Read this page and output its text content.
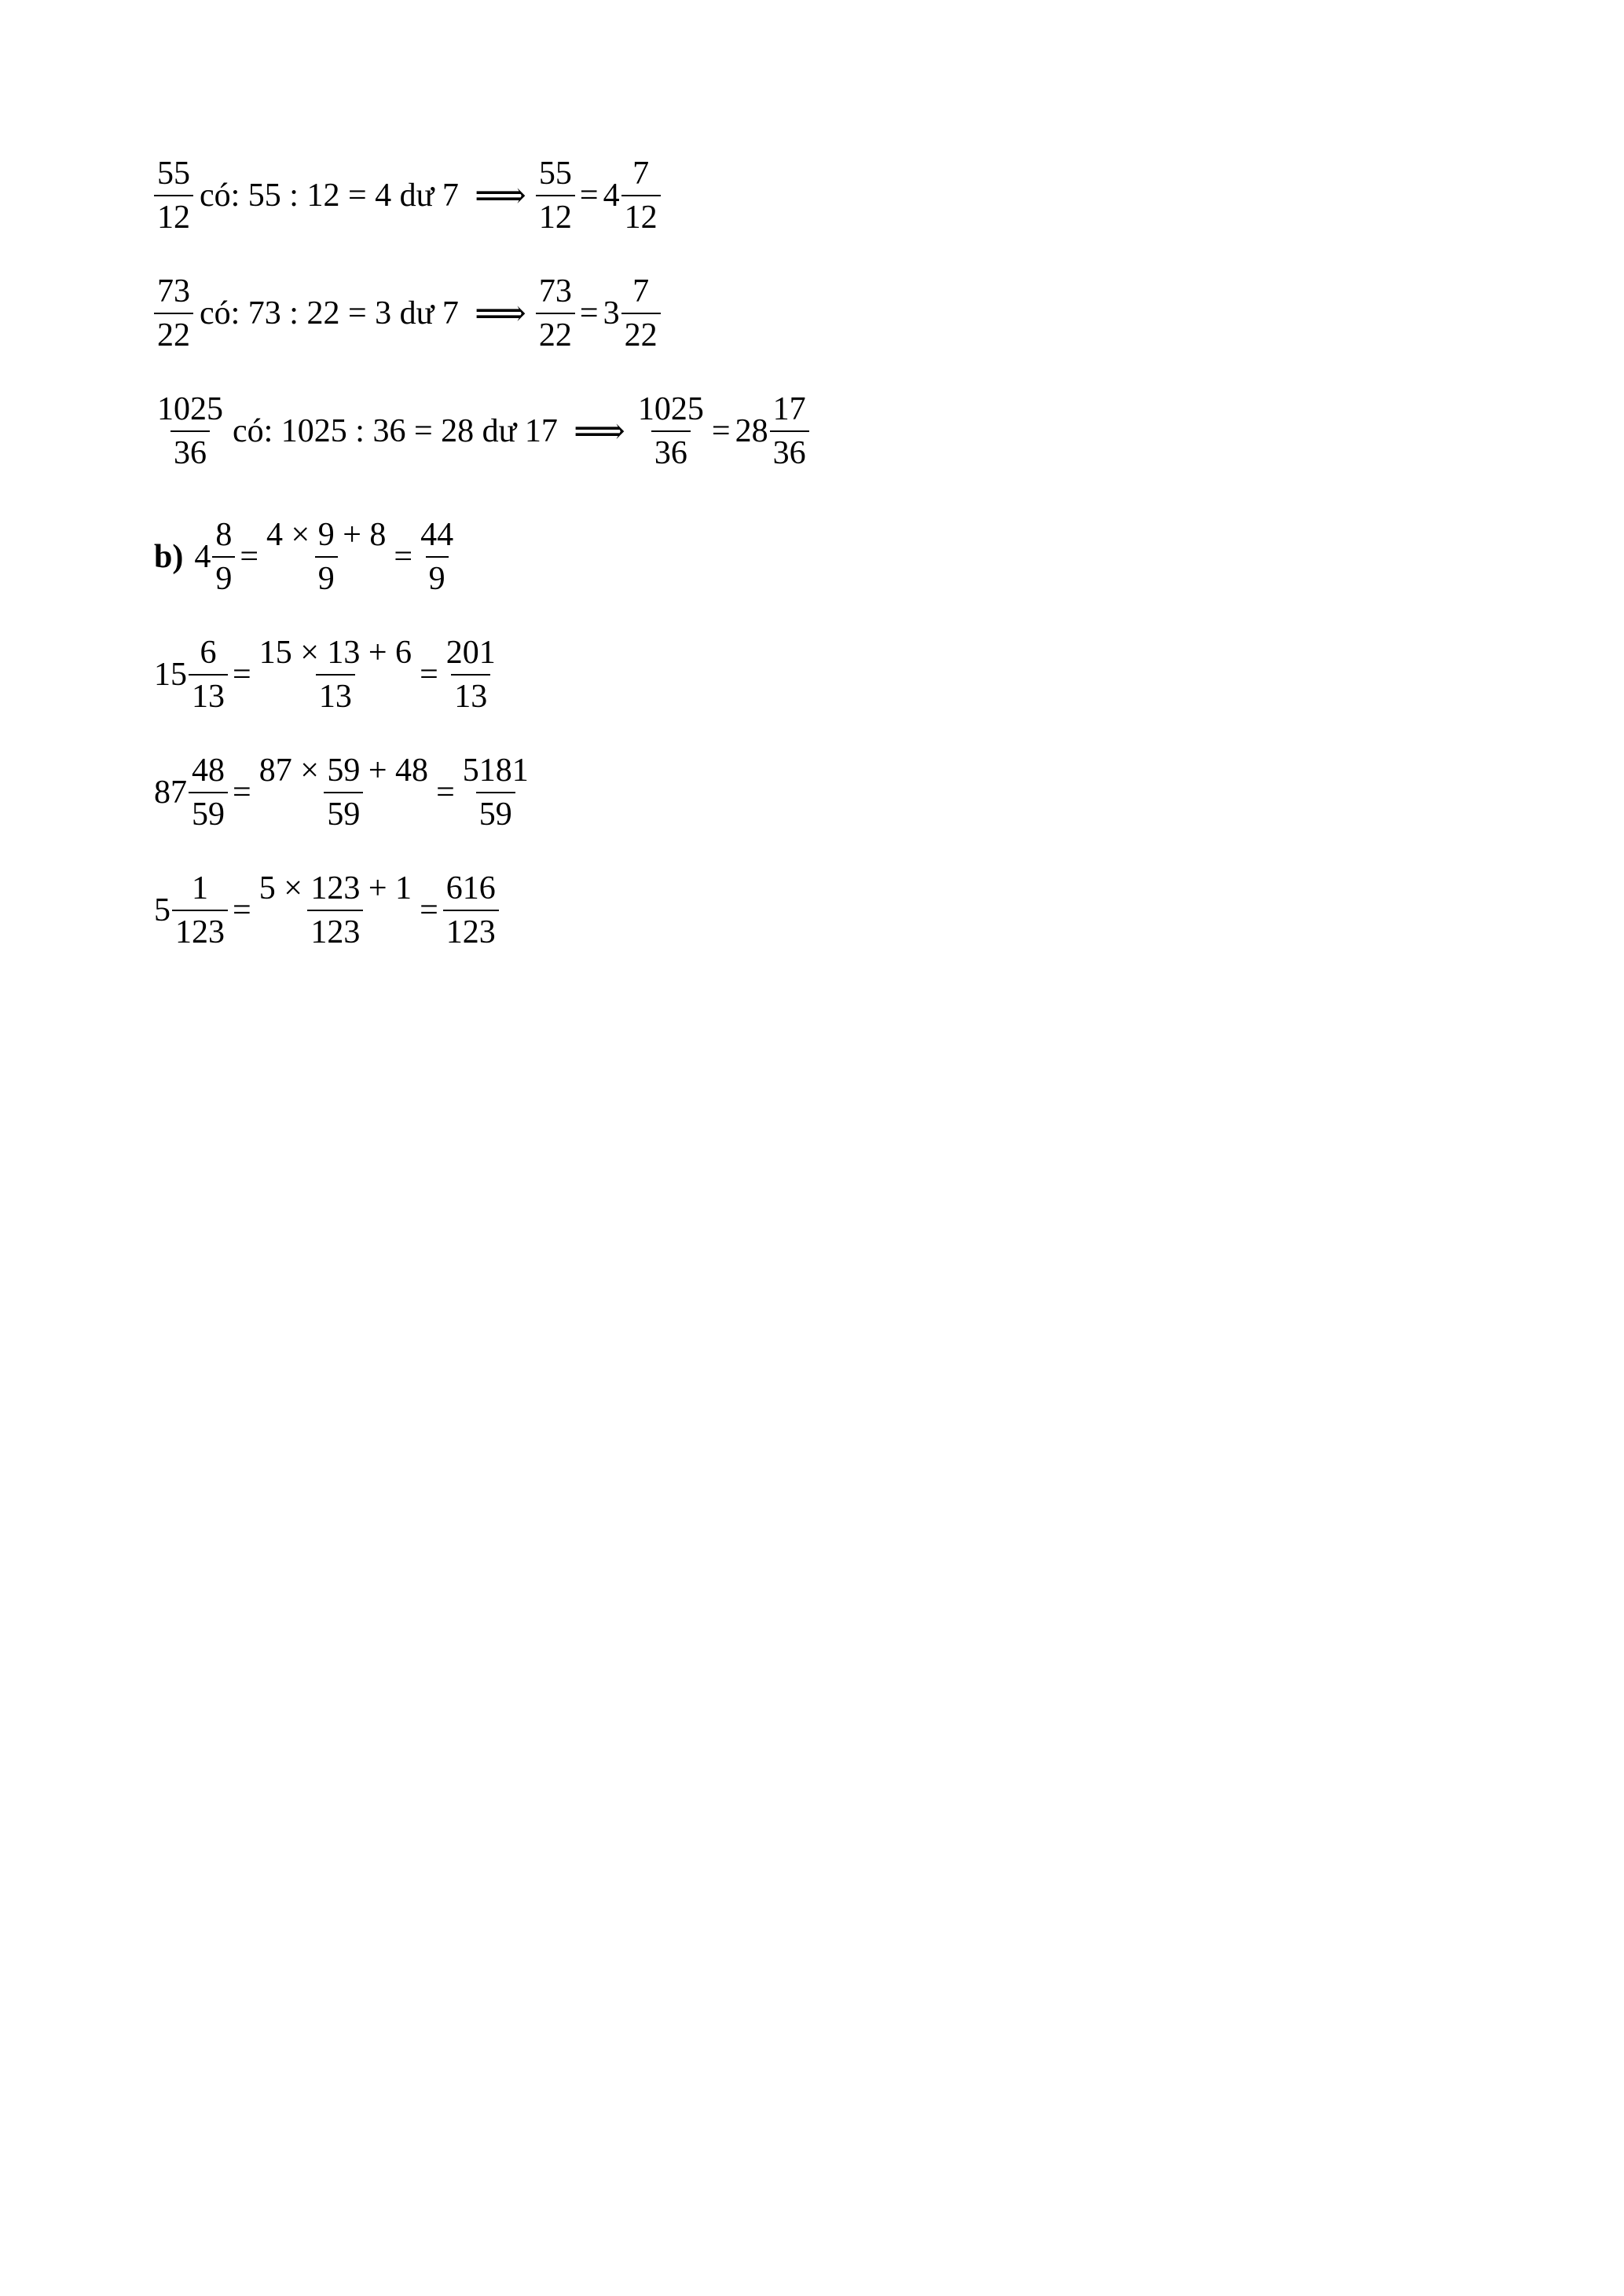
$\frac{55}{12}$ có: 55 : 12 = 4 dư 7 ⟹ $\frac{55}{12} = 4 \frac{7}{12}$
$\frac{73}{22}$ có: 73 : 22 = 3 dư 7 ⟹ $\frac{73}{22} = 3 \frac{7}{22}$
$\frac{1025}{36}$ có: 1025 : 36 = 28 dư 17 ⟹ $\frac{1025}{36} = 28 \frac{17}{36}$
b) $4 \frac{8}{9} = \frac{4 \times 9 + 8}{9} = \frac{44}{9}$
$15 \frac{6}{13} = \frac{15 \times 13 + 6}{13} = \frac{201}{13}$
$87 \frac{48}{59} = \frac{87 \times 59 + 48}{59} = \frac{5181}{59}$
$5 \frac{1}{123} = \frac{5 \times 123 + 1}{123} = \frac{616}{123}$
